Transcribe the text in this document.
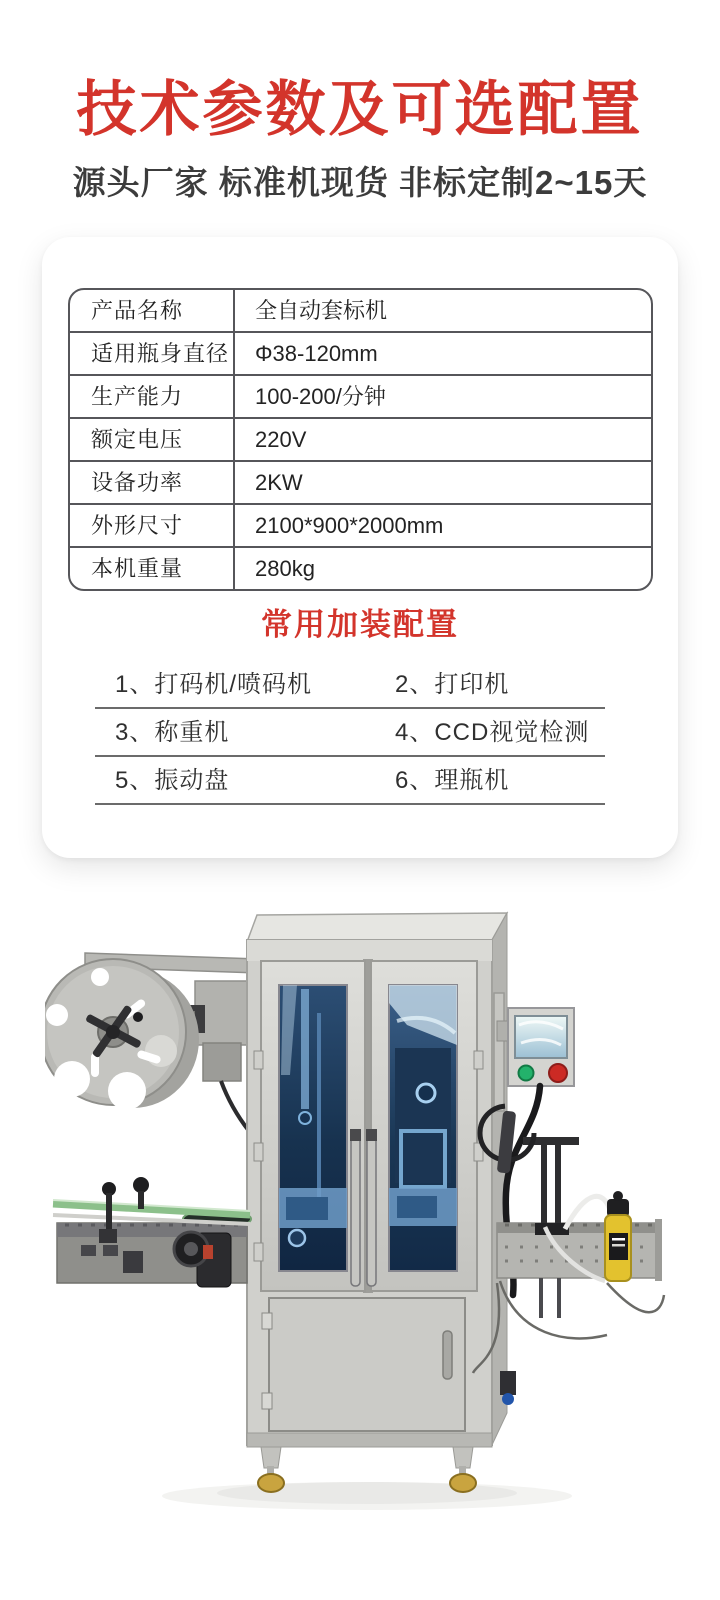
技术参数及可选配置
源头厂家 标准机现货 非标定制2~15天
产品名称	全自动套标机
适用瓶身直径	Φ38-120mm
生产能力	100-200/分钟
额定电压	220V
设备功率	2KW
外形尺寸	2100*900*2000mm
本机重量	280kg
常用加装配置
1、打码机/喷码机	2、打印机
3、称重机	4、CCD视觉检测
5、振动盘	6、理瓶机
